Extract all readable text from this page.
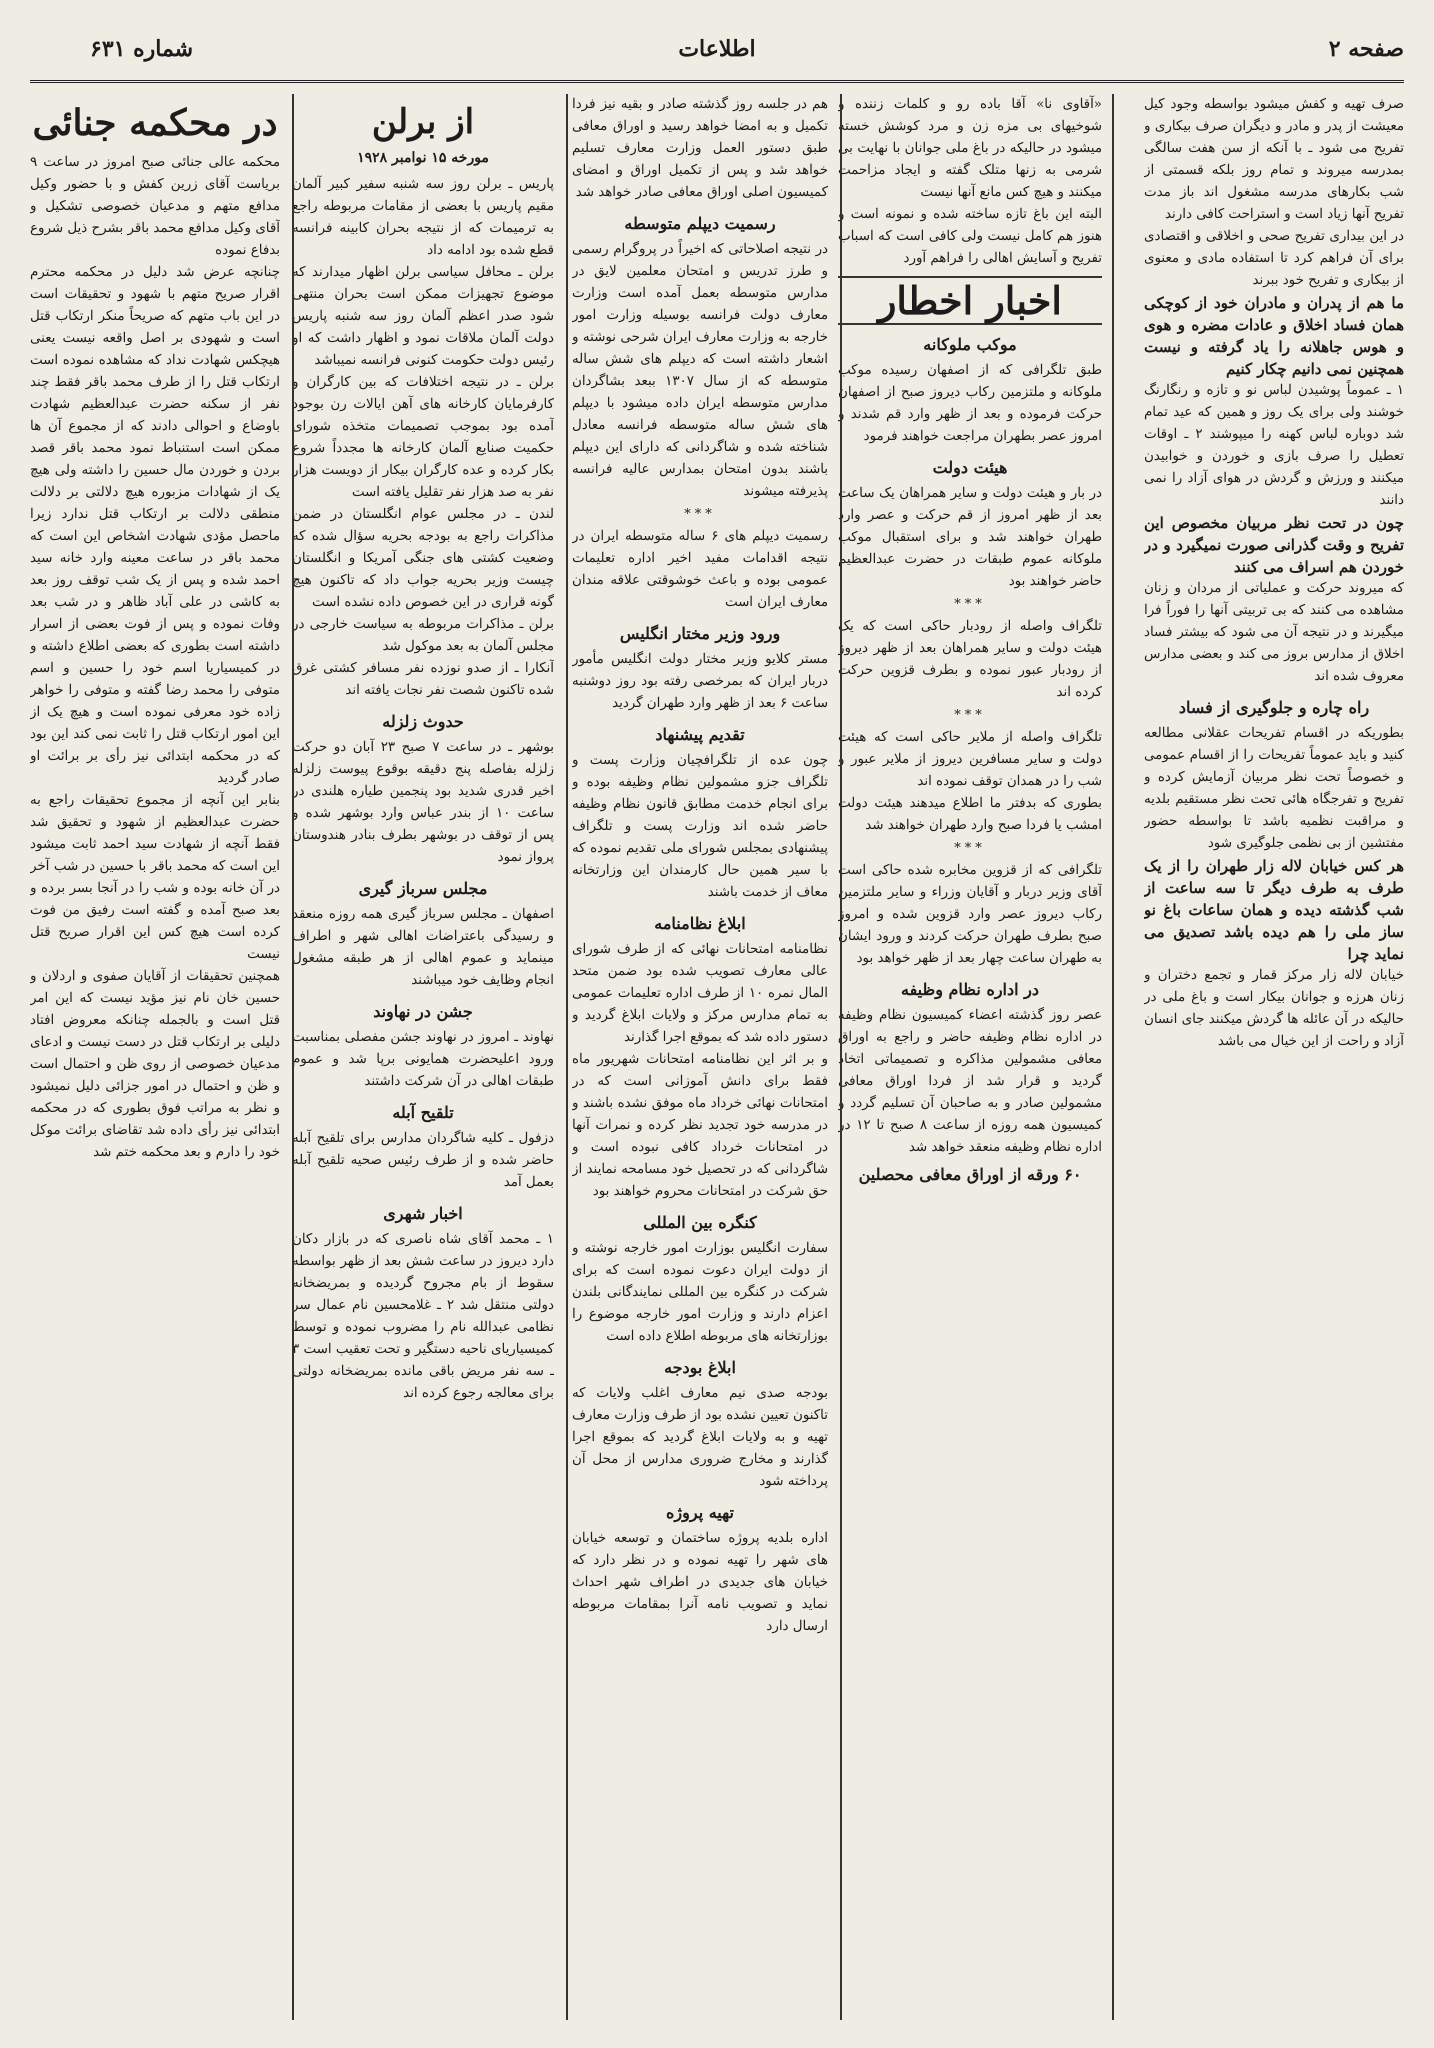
شماره ۶۳۱	اطلاعات	صفحه ۲

صرف تهیه و کفش میشود بواسطه وجود کیل معیشت از پدر و مادر و دیگران صرف بیکاری و تفریح می شود ـ با آنکه از سن هفت سالگی بمدرسه میروند و تمام روز بلکه قسمتی از شب بکارهای مدرسه مشغول اند باز مدت تفریح آنها زیاد است و استراحت کافی دارند

در این بیداری تفریح صحی و اخلاقی و اقتصادی برای آن فراهم کرد تا استفاده مادی و معنوی از بیکاری و تفریح خود ببرند

ما هم از پدران و مادران خود از کوچکی همان فساد اخلاق و عادات مضره و هوی و هوس جاهلانه را یاد گرفته و نیست همچنین نمی دانیم چکار کنیم

۱ ـ عموماً پوشیدن لباس نو و تازه و رنگارنگ خوشند ولی برای یک روز و همین که عید تمام شد دوباره لباس کهنه را میپوشند ۲ ـ اوقات تعطیل را صرف بازی و خوردن و خوابیدن میکنند و ورزش و گردش در هوای آزاد را نمی دانند

چون در تحت نظر مربیان مخصوص این تفریح و وقت گذرانی صورت نمیگیرد و در خوردن هم اسراف می کنند

که میروند حرکت و عملیاتی از مردان و زنان مشاهده می کنند که بی تربیتی آنها را فوراً فرا میگیرند و در نتیجه آن می شود که بیشتر فساد اخلاق از مدارس بروز می کند و بعضی مدارس معروف شده اند

راه چاره و جلوگیری از فساد

بطوریکه در اقسام تفریحات عقلانی مطالعه کنید و باید عموماً تفریحات را از اقسام عمومی و خصوصاً تحت نظر مربیان آزمایش کرده و تفریح و تفرجگاه هائی تحت نظر مستقیم بلدیه و مراقبت نظمیه باشد تا بواسطه حضور مفتشین از بی نظمی جلوگیری شود

هر کس خیابان لاله زار طهران را از یک طرف به طرف دیگر تا سه ساعت از شب گذشته دیده و همان ساعات باغ نو ساز ملی را هم دیده باشد تصدیق می نماید چرا

خیابان لاله زار مرکز قمار و تجمع دختران و زنان هرزه و جوانان بیکار است و باغ ملی در حالیکه در آن عائله ها گردش میکنند جای انسان آزاد و راحت از این خیال می باشد

«آقاوی نا» آقا باده رو و کلمات زننده و شوخیهای بی مزه زن و مرد کوشش خسته میشود در حالیکه در باغ ملی جوانان با نهایت بی شرمی به زنها متلک گفته و ایجاد مزاحمت میکنند و هیچ کس مانع آنها نیست

البته این باغ تازه ساخته شده و نمونه است و هنوز هم کامل نیست ولی کافی است که اسباب تفریح و آسایش اهالی را فراهم آورد

اخبار اخطار
موکب ملوکانه

طبق تلگرافی که از اصفهان رسیده موکب ملوکانه و ملتزمین رکاب دیروز صبح از اصفهان حرکت فرموده و بعد از ظهر وارد قم شدند و امروز عصر بطهران مراجعت خواهند فرمود

هیئت دولت

در بار و هیئت دولت و سایر همراهان یک ساعت بعد از ظهر امروز از قم حرکت و عصر وارد طهران خواهند شد و برای استقبال موکب ملوکانه عموم طبقات در حضرت عبدالعظیم حاضر خواهند بود

***

تلگراف واصله از رودبار حاکی است که یک هیئت دولت و سایر همراهان بعد از ظهر دیروز از رودبار عبور نموده و بطرف قزوین حرکت کرده اند

***

تلگراف واصله از ملایر حاکی است که هیئت دولت و سایر مسافرین دیروز از ملایر عبور و شب را در همدان توقف نموده اند

بطوری که بدفتر ما اطلاع میدهند هیئت دولت امشب یا فردا صبح وارد طهران خواهند شد

***

تلگرافی که از قزوین مخابره شده حاکی است آقای وزیر دربار و آقایان وزراء و سایر ملتزمین رکاب دیروز عصر وارد قزوین شده و امروز صبح بطرف طهران حرکت کردند و ورود ایشان به طهران ساعت چهار بعد از ظهر خواهد بود

در اداره نظام وظیفه

عصر روز گذشته اعضاء کمیسیون نظام وظیفه در اداره نظام وظیفه حاضر و راجع به اوراق معافی مشمولین مذاکره و تصمیماتی اتخاذ گردید و قرار شد از فردا اوراق معافی مشمولین صادر و به صاحبان آن تسلیم گردد و کمیسیون همه روزه از ساعت ۸ صبح تا ۱۲ در اداره نظام وظیفه منعقد خواهد شد

۶۰ ورقه از اوراق معافی محصلین

هم در جلسه روز گذشته صادر و بقیه نیز فردا تکمیل و به امضا خواهد رسید و اوراق معافی طبق دستور العمل وزارت معارف تسلیم خواهد شد و پس از تکمیل اوراق و امضای کمیسیون اصلی اوراق معافی صادر خواهد شد

رسمیت دیپلم متوسطه

در نتیجه اصلاحاتی که اخیراً در پروگرام رسمی و طرز تدریس و امتحان معلمین لایق در مدارس متوسطه بعمل آمده است وزارت معارف دولت فرانسه بوسیله وزارت امور خارجه به وزارت معارف ایران شرحی نوشته و اشعار داشته است که دیپلم های شش ساله متوسطه که از سال ۱۳۰۷ ببعد بشاگردان مدارس متوسطه ایران داده میشود با دیپلم های شش ساله متوسطه فرانسه معادل شناخته شده و شاگردانی که دارای این دیپلم باشند بدون امتحان بمدارس عالیه فرانسه پذیرفته میشوند

***

رسمیت دیپلم های ۶ ساله متوسطه ایران در نتیجه اقدامات مفید اخیر اداره تعلیمات عمومی بوده و باعث خوشوقتی علاقه مندان معارف ایران است

ورود وزیر مختار انگلیس

مستر کلایو وزیر مختار دولت انگلیس مأمور دربار ایران که بمرخصی رفته بود روز دوشنبه ساعت ۶ بعد از ظهر وارد طهران گردید

تقدیم پیشنهاد

چون عده از تلگرافچیان وزارت پست و تلگراف جزو مشمولین نظام وظیفه بوده و برای انجام خدمت مطابق قانون نظام وظیفه حاضر شده اند وزارت پست و تلگراف پیشنهادی بمجلس شورای ملی تقدیم نموده که با سیر همین حال کارمندان این وزارتخانه معاف از خدمت باشند

ابلاغ نظامنامه

نظامنامه امتحانات نهائی که از طرف شورای عالی معارف تصویب شده بود ضمن متحد المال نمره ۱۰ از طرف اداره تعلیمات عمومی به تمام مدارس مرکز و ولایات ابلاغ گردید و دستور داده شد که بموقع اجرا گذارند

و بر اثر این نظامنامه امتحانات شهریور ماه فقط برای دانش آموزانی است که در امتحانات نهائی خرداد ماه موفق نشده باشند و در مدرسه خود تجدید نظر کرده و نمرات آنها در امتحانات خرداد کافی نبوده است و شاگردانی که در تحصیل خود مسامحه نمایند از حق شرکت در امتحانات محروم خواهند بود

کنگره بین المللی

سفارت انگلیس بوزارت امور خارجه نوشته و از دولت ایران دعوت نموده است که برای شرکت در کنگره بین المللی نمایندگانی بلندن اعزام دارند و وزارت امور خارجه موضوع را بوزارتخانه های مربوطه اطلاع داده است

ابلاغ بودجه

بودجه صدی نیم معارف اغلب ولایات که تاکنون تعیین نشده بود از طرف وزارت معارف تهیه و به ولایات ابلاغ گردید که بموقع اجرا گذارند و مخارج ضروری مدارس از محل آن پرداخته شود

تهیه پروژه

اداره بلدیه پروژه ساختمان و توسعه خیابان های شهر را تهیه نموده و در نظر دارد که خیابان های جدیدی در اطراف شهر احداث نماید و تصویب نامه آنرا بمقامات مربوطه ارسال دارد

از برلن
مورخه ۱۵ نوامبر ۱۹۲۸

پاریس ـ برلن روز سه شنبه سفیر کبیر آلمان مقیم پاریس با بعضی از مقامات مربوطه راجع به ترمیمات که از نتیجه بحران کابینه فرانسه قطع شده بود ادامه داد

برلن ـ محافل سیاسی برلن اظهار میدارند که موضوع تجهیزات ممکن است بحران منتهی شود صدر اعظم آلمان روز سه شنبه پاریس دولت آلمان ملاقات نمود و اظهار داشت که او رئیس دولت حکومت کنونی فرانسه نمیباشد

برلن ـ در نتیجه اختلافات که بین کارگران و کارفرمایان کارخانه های آهن ایالات رن بوجود آمده بود بموجب تصمیمات متخذه شورای حکمیت صنایع آلمان کارخانه ها مجدداً شروع بکار کرده و عده کارگران بیکار از دویست هزار نفر به صد هزار نفر تقلیل یافته است

لندن ـ در مجلس عوام انگلستان در ضمن مذاکرات راجع به بودجه بحریه سؤال شده که وضعیت کشتی های جنگی آمریکا و انگلستان چیست وزیر بحریه جواب داد که تاکنون هیچ گونه قراری در این خصوص داده نشده است

برلن ـ مذاکرات مربوطه به سیاست خارجی در مجلس آلمان به بعد موکول شد

آنکارا ـ از صدو نوزده نفر مسافر کشتی غرق شده تاکنون شصت نفر نجات یافته اند

حدوث زلزله

بوشهر ـ در ساعت ۷ صبح ۲۳ آبان دو حرکت زلزله بفاصله پنج دقیقه بوقوع پیوست زلزله اخیر قدری شدید بود پنجمین طیاره هلندی در ساعت ۱۰ از بندر عباس وارد بوشهر شده و پس از توقف در بوشهر بطرف بنادر هندوستان پرواز نمود

مجلس سرباز گیری

اصفهان ـ مجلس سرباز گیری همه روزه منعقد و رسیدگی باعتراضات اهالی شهر و اطراف مینماید و عموم اهالی از هر طبقه مشغول انجام وظایف خود میباشند

جشن در نهاوند

نهاوند ـ امروز در نهاوند جشن مفصلی بمناسبت ورود اعلیحضرت همایونی برپا شد و عموم طبقات اهالی در آن شرکت داشتند

تلقیح آبله

دزفول ـ کلیه شاگردان مدارس برای تلقیح آبله حاضر شده و از طرف رئیس صحیه تلقیح آبله بعمل آمد

اخبار شهری

۱ ـ محمد آقای شاه ناصری که در بازار دکان دارد دیروز در ساعت شش بعد از ظهر بواسطه سقوط از بام مجروح گردیده و بمریضخانه دولتی منتقل شد ۲ ـ غلامحسین نام عمال سر نظامی عبدالله نام را مضروب نموده و توسط کمیسیاریای ناحیه دستگیر و تحت تعقیب است ۳ ـ سه نفر مریض باقی مانده بمریضخانه دولتی برای معالجه رجوع کرده اند

در محکمه جنائی

محکمه عالی جنائی صبح امروز در ساعت ۹ بریاست آقای زرین کفش و با حضور وکیل مدافع متهم و مدعیان خصوصی تشکیل و آقای وکیل مدافع محمد باقر بشرح ذیل شروع بدفاع نموده

چنانچه عرض شد دلیل در محکمه محترم اقرار صریح متهم با شهود و تحقیقات است در این باب متهم که صریحاً منکر ارتکاب قتل است و شهودی بر اصل واقعه نیست یعنی هیچکس شهادت نداد که مشاهده نموده است ارتکاب قتل را از طرف محمد باقر فقط چند نفر از سکنه حضرت عبدالعظیم شهادت باوضاع و احوالی دادند که از مجموع آن ها ممکن است استنباط نمود محمد باقر قصد بردن و خوردن مال حسین را داشته ولی هیچ یک از شهادات مزبوره هیچ دلالتی بر دلالت منطقی دلالت بر ارتکاب قتل ندارد زیرا ماحصل مؤدی شهادت اشخاص این است که محمد باقر در ساعت معینه وارد خانه سید احمد شده و پس از یک شب توقف روز بعد به کاشی در علی آباد ظاهر و در شب بعد وفات نموده و پس از فوت بعضی از اسرار داشته است بطوری که بعضی اطلاع داشته و در کمیسیاریا اسم خود را حسین و اسم متوفی را محمد رضا گفته و متوفی را خواهر زاده خود معرفی نموده است و هیچ یک از این امور ارتکاب قتل را ثابت نمی کند این بود که در محکمه ابتدائی نیز رأی بر برائت او صادر گردید

بنابر این آنچه از مجموع تحقیقات راجع به حضرت عبدالعظیم از شهود و تحقیق شد فقط آنچه از شهادت سید احمد ثابت میشود این است که محمد باقر با حسین در شب آخر در آن خانه بوده و شب را در آنجا بسر برده و بعد صبح آمده و گفته است رفیق من فوت کرده است هیچ کس این اقرار صریح قتل نیست

همچنین تحقیقات از آقایان صفوی و اردلان و حسین خان نام نیز مؤید نیست که این امر قتل است و بالجمله چنانکه معروض افتاد دلیلی بر ارتکاب قتل در دست نیست و ادعای مدعیان خصوصی از روی ظن و احتمال است و ظن و احتمال در امور جزائی دلیل نمیشود و نظر به مراتب فوق بطوری که در محکمه ابتدائی نیز رأی داده شد تقاضای برائت موکل خود را دارم و بعد محکمه ختم شد
